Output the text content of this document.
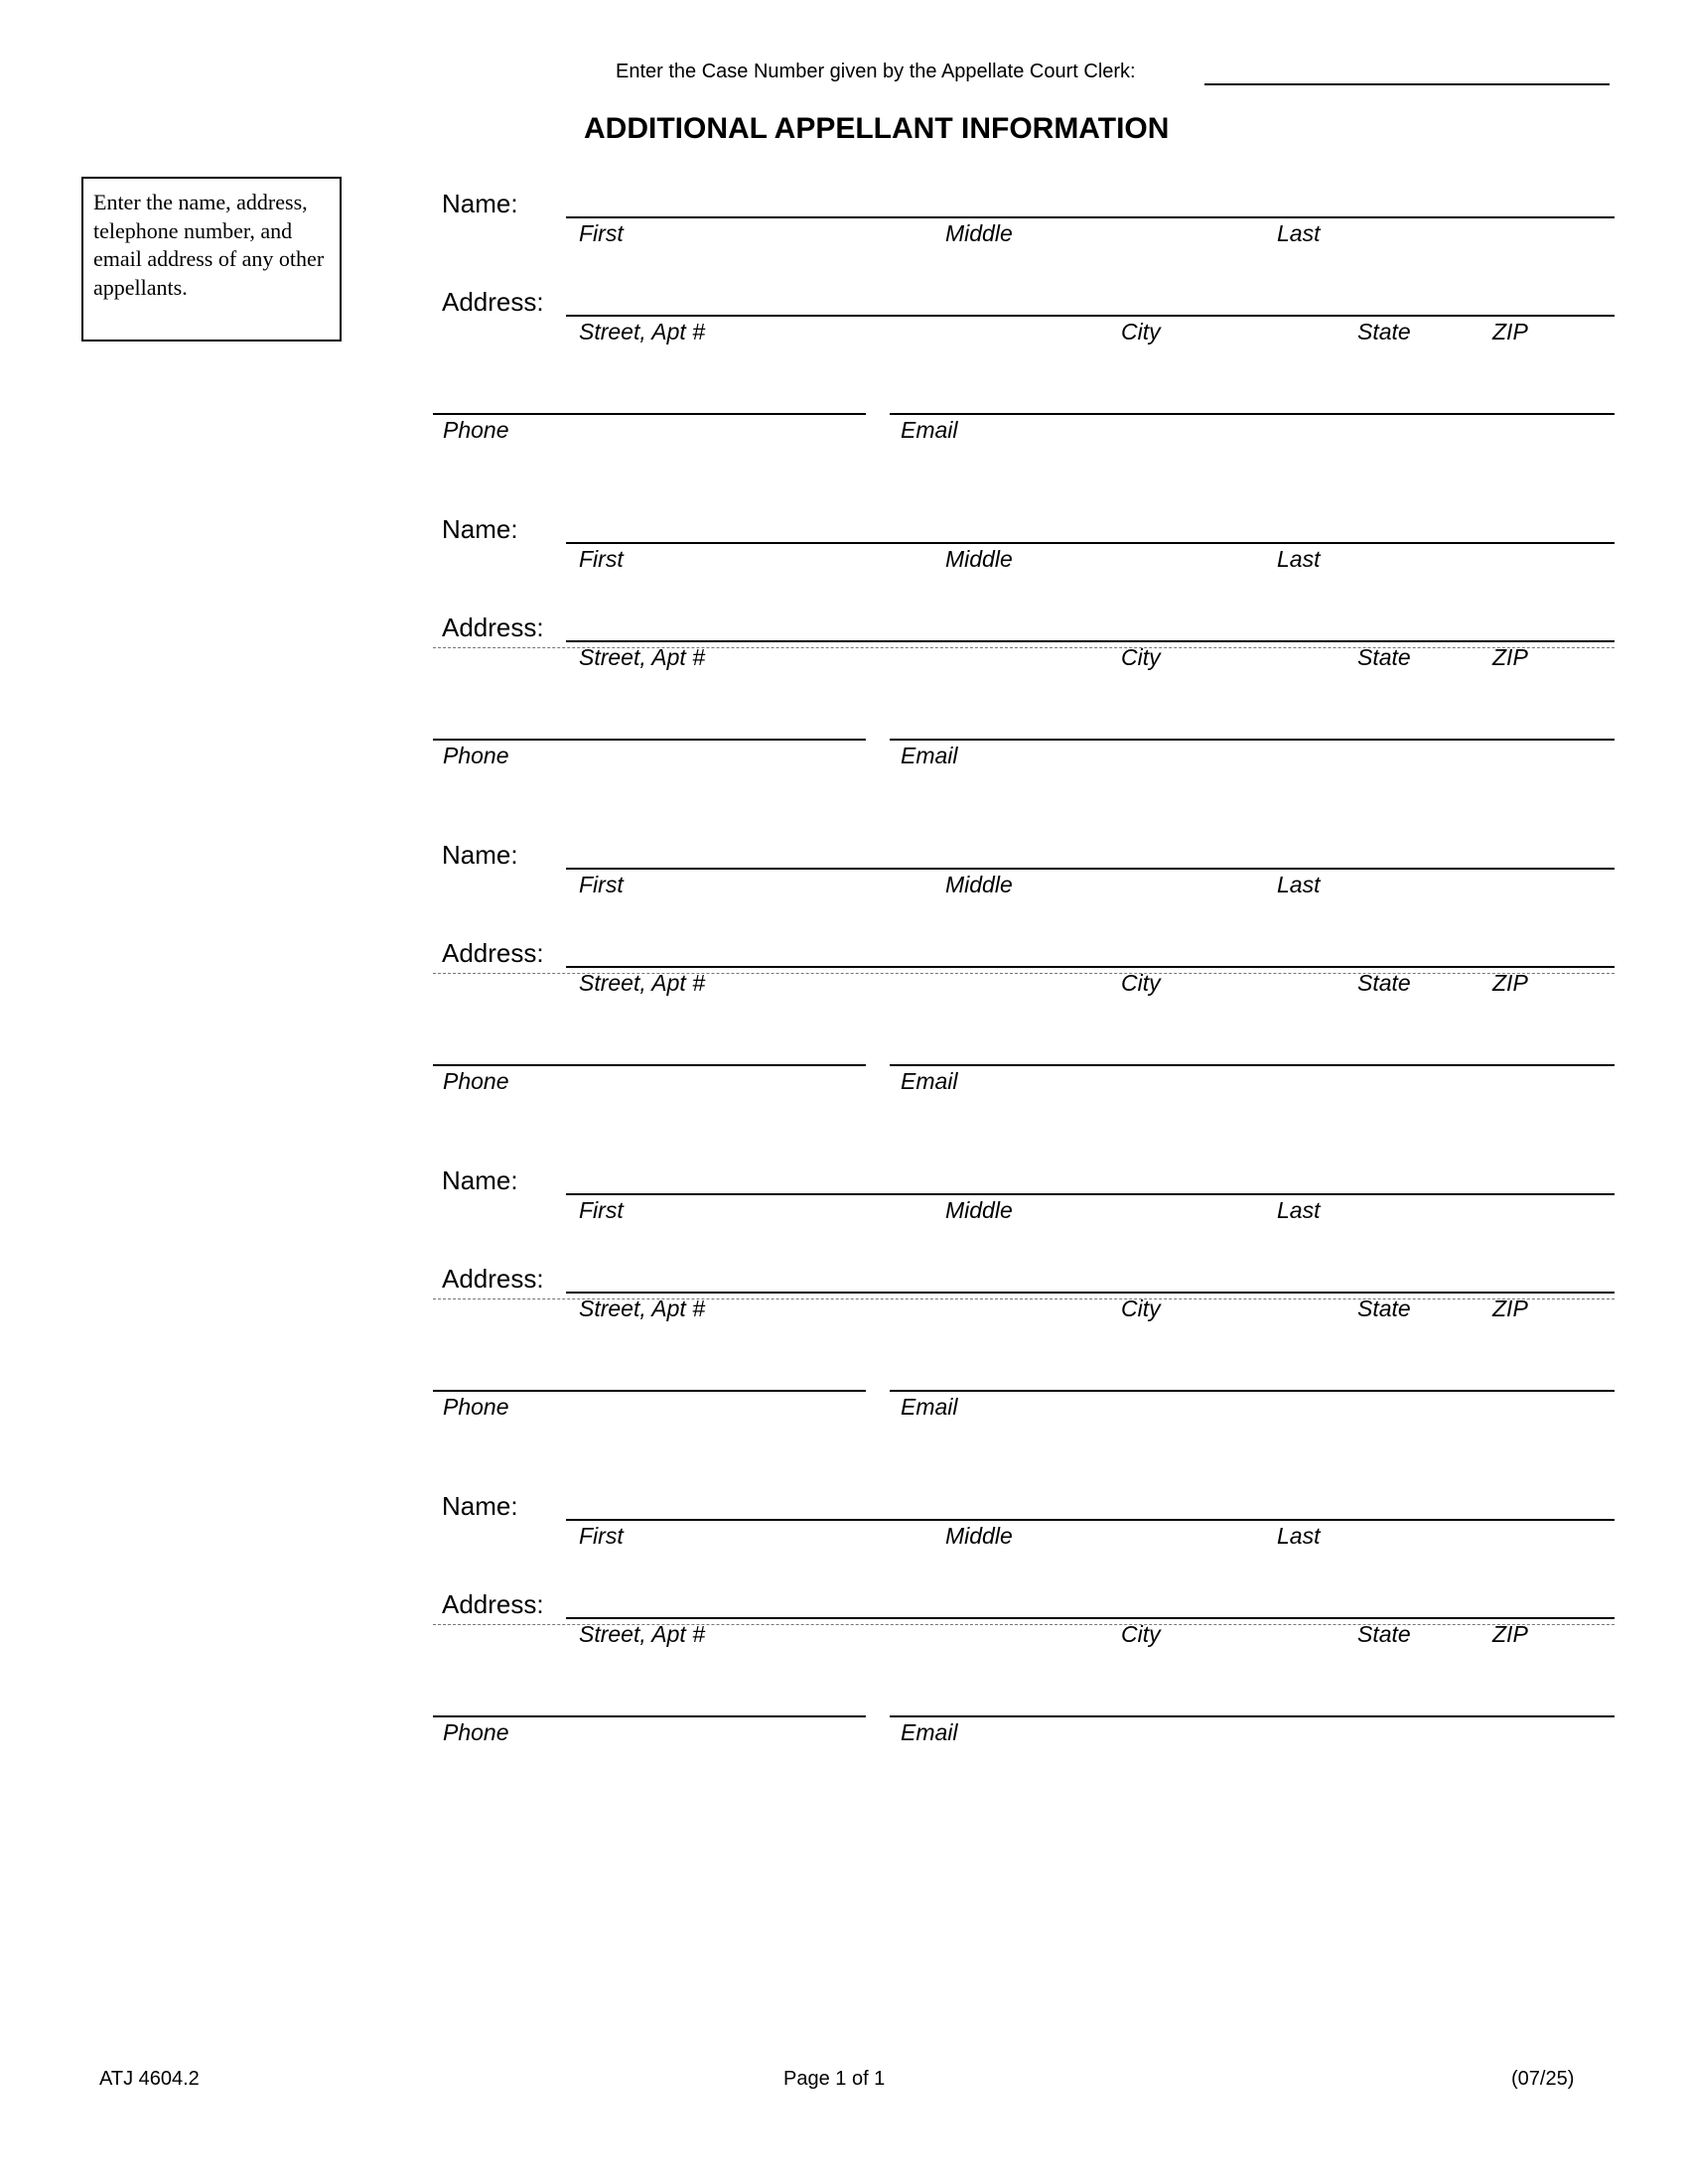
Enter the Case Number given by the Appellate Court Clerk:
ADDITIONAL APPELLANT INFORMATION
Enter the name, address, telephone number, and email address of any other appellants.
Name:
First	Middle	Last
Address:
Street, Apt #	City	State	ZIP
Phone	Email
Name:
First	Middle	Last
Address:
Street, Apt #	City	State	ZIP
Phone	Email
Name:
First	Middle	Last
Address:
Street, Apt #	City	State	ZIP
Phone	Email
Name:
First	Middle	Last
Address:
Street, Apt #	City	State	ZIP
Phone	Email
Name:
First	Middle	Last
Address:
Street, Apt #	City	State	ZIP
Phone	Email
ATJ 4604.2	Page 1 of 1	(07/25)
